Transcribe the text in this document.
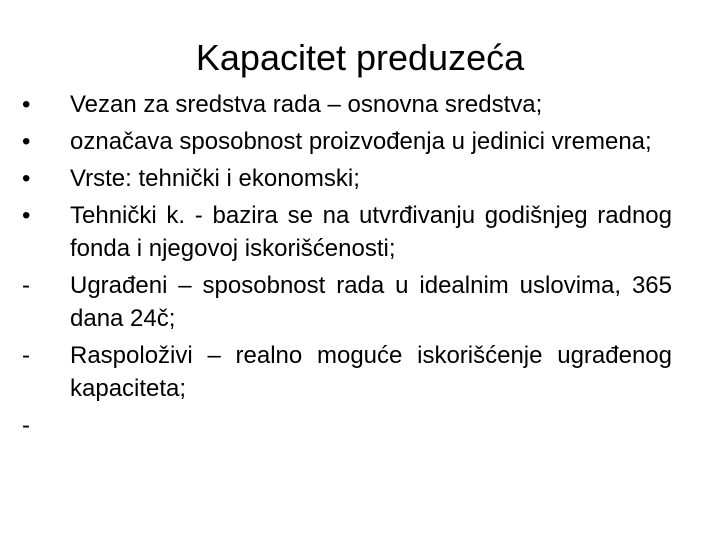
Kapacitet preduzeća
•	Vezan za sredstva rada – osnovna sredstva;
•	označava sposobnost proizvođenja u jedinici vremena;
•	Vrste: tehnički i ekonomski;
•	Tehnički k. - bazira se na utvrđivanju godišnjeg radnog fonda i njegovoj iskorišćenosti;
-	Ugrađeni – sposobnost rada u idealnim uslovima, 365 dana 24č;
-	Raspoloživi – realno moguće iskorišćenje ugrađenog kapaciteta;
-
